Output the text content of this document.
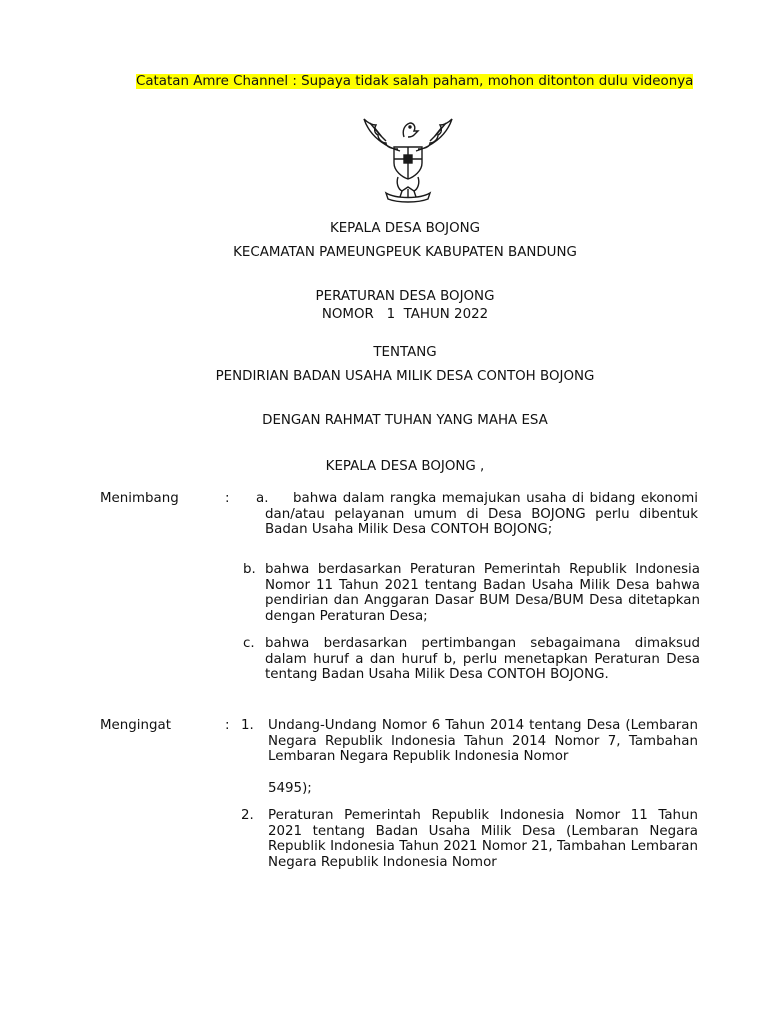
Catatan Amre Channel : Supaya tidak salah paham, mohon ditonton dulu videonya
KEPALA DESA BOJONG
KECAMATAN PAMEUNGPEUK KABUPATEN BANDUNG
PERATURAN DESA BOJONG
NOMOR   1  TAHUN 2022
TENTANG
PENDIRIAN BADAN USAHA MILIK DESA CONTOH BOJONG
DENGAN RAHMAT TUHAN YANG MAHA ESA
KEPALA DESA BOJONG ,
Menimbang	: a.	bahwa dalam rangka memajukan usaha di bidang ekonomi dan/atau pelayanan umum di Desa BOJONG perlu dibentuk Badan Usaha Milik Desa CONTOH BOJONG;
b. bahwa berdasarkan Peraturan Pemerintah Republik Indonesia Nomor 11 Tahun 2021 tentang Badan Usaha Milik Desa bahwa pendirian dan Anggaran Dasar BUM Desa/BUM Desa ditetapkan dengan Peraturan Desa;
c. bahwa berdasarkan pertimbangan sebagaimana dimaksud dalam huruf a dan huruf b, perlu menetapkan Peraturan Desa tentang Badan Usaha Milik Desa CONTOH BOJONG.
Mengingat	: 1. Undang-Undang Nomor 6 Tahun 2014 tentang Desa (Lembaran Negara Republik Indonesia Tahun 2014 Nomor 7, Tambahan Lembaran Negara Republik Indonesia Nomor
5495);
2. Peraturan Pemerintah Republik Indonesia Nomor 11 Tahun 2021 tentang Badan Usaha Milik Desa (Lembaran Negara Republik Indonesia Tahun 2021 Nomor 21, Tambahan Lembaran Negara Republik Indonesia Nomor
